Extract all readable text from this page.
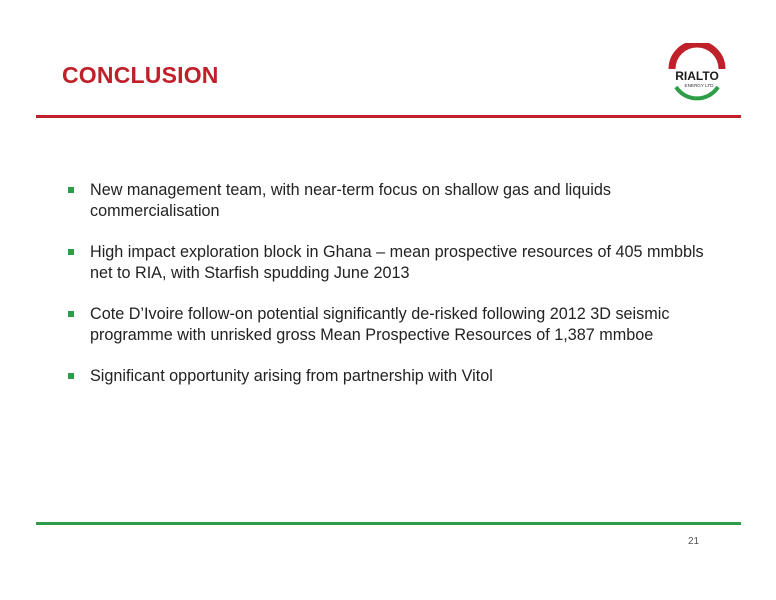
CONCLUSION	RIALTO
ENERGY LTD
New management team, with near-term focus on shallow gas and liquids commercialisation
High impact exploration block in Ghana – mean prospective resources of 405 mmbbls net to RIA, with Starfish spudding June 2013
Cote D’Ivoire follow-on potential significantly de-risked following 2012 3D seismic programme with unrisked gross Mean Prospective Resources of 1,387 mmboe
Significant opportunity arising from partnership with Vitol
21
